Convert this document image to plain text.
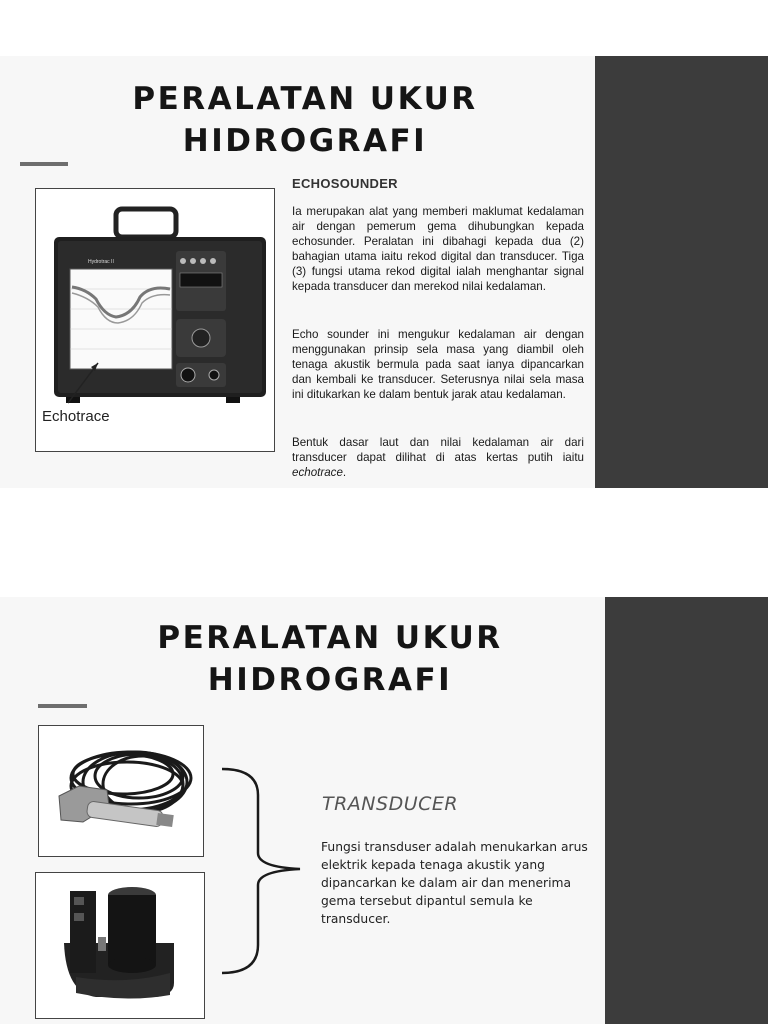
PERALATAN UKUR
HIDROGRAFI
Hydrotrac II
Echotrace
ECHOSOUNDER

Ia merupakan alat yang memberi maklumat kedalaman air dengan pemerum gema dihubungkan kepada echosunder. Peralatan ini dibahagi kepada dua (2) bahagian utama iaitu rekod digital dan transducer. Tiga (3) fungsi utama rekod digital ialah menghantar signal kepada transducer dan merekod nilai kedalaman.

Echo sounder ini mengukur kedalaman air dengan menggunakan prinsip sela masa yang diambil oleh tenaga akustik bermula pada saat ianya dipancarkan dan kembali ke transducer. Seterusnya nilai sela masa ini ditukarkan ke dalam bentuk jarak atau kedalaman.

Bentuk dasar laut dan nilai kedalaman air dari transducer dapat dilihat di atas kertas putih iaitu echotrace.

PERALATAN UKUR
HIDROGRAFI
TRANSDUCER

Fungsi transduser adalah menukarkan arus elektrik kepada tenaga akustik yang dipancarkan ke dalam air dan menerima gema tersebut dipantul semula ke transducer.
